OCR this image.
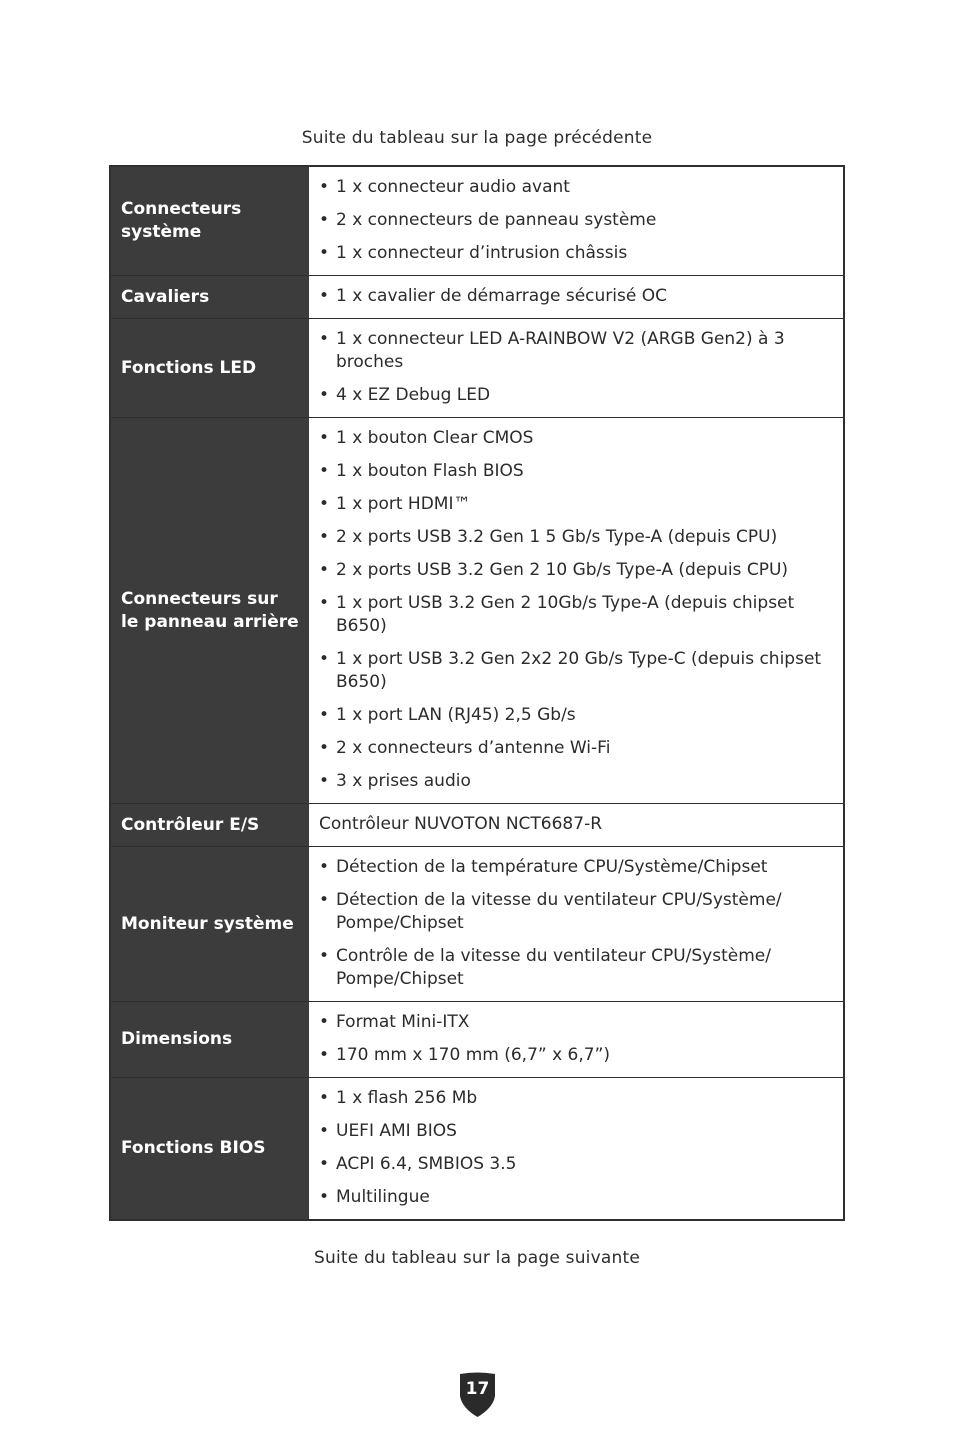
Suite du tableau sur la page précédente
Connecteurs système
• 1 x connecteur audio avant
• 2 x connecteurs de panneau système
• 1 x connecteur d’intrusion châssis
Cavaliers
•	1 x cavalier de démarrage sécurisé OC
Fonctions LED
• 1 x connecteur LED A-RAINBOW V2 (ARGB Gen2) à 3 broches
• 4 x EZ Debug LED
Connecteurs sur le panneau arrière
• 1 x bouton Clear CMOS
• 1 x bouton Flash BIOS
• 1 x port HDMI™
• 2 x ports USB 3.2 Gen 1 5 Gb/s Type-A (depuis CPU)
• 2 x ports USB 3.2 Gen 2 10 Gb/s Type-A (depuis CPU)
• 1 x port USB 3.2 Gen 2 10Gb/s Type-A (depuis chipset B650)
• 1 x port USB 3.2 Gen 2x2 20 Gb/s Type-C (depuis chipset B650)
• 1 x port LAN (RJ45) 2,5 Gb/s
• 2 x connecteurs d’antenne Wi-Fi
• 3 x prises audio
Contrôleur E/S	Contrôleur NUVOTON NCT6687-R
Moniteur système
• Détection de la température CPU/Système/Chipset
• Détection de la vitesse du ventilateur CPU/Système/ Pompe/Chipset
• Contrôle de la vitesse du ventilateur CPU/Système/ Pompe/Chipset
Dimensions
• Format Mini-ITX
• 170 mm x 170 mm (6,7” x 6,7”)
Fonctions BIOS
• 1 x flash 256 Mb
• UEFI AMI BIOS
• ACPI 6.4, SMBIOS 3.5
• Multilingue
Suite du tableau sur la page suivante
17
